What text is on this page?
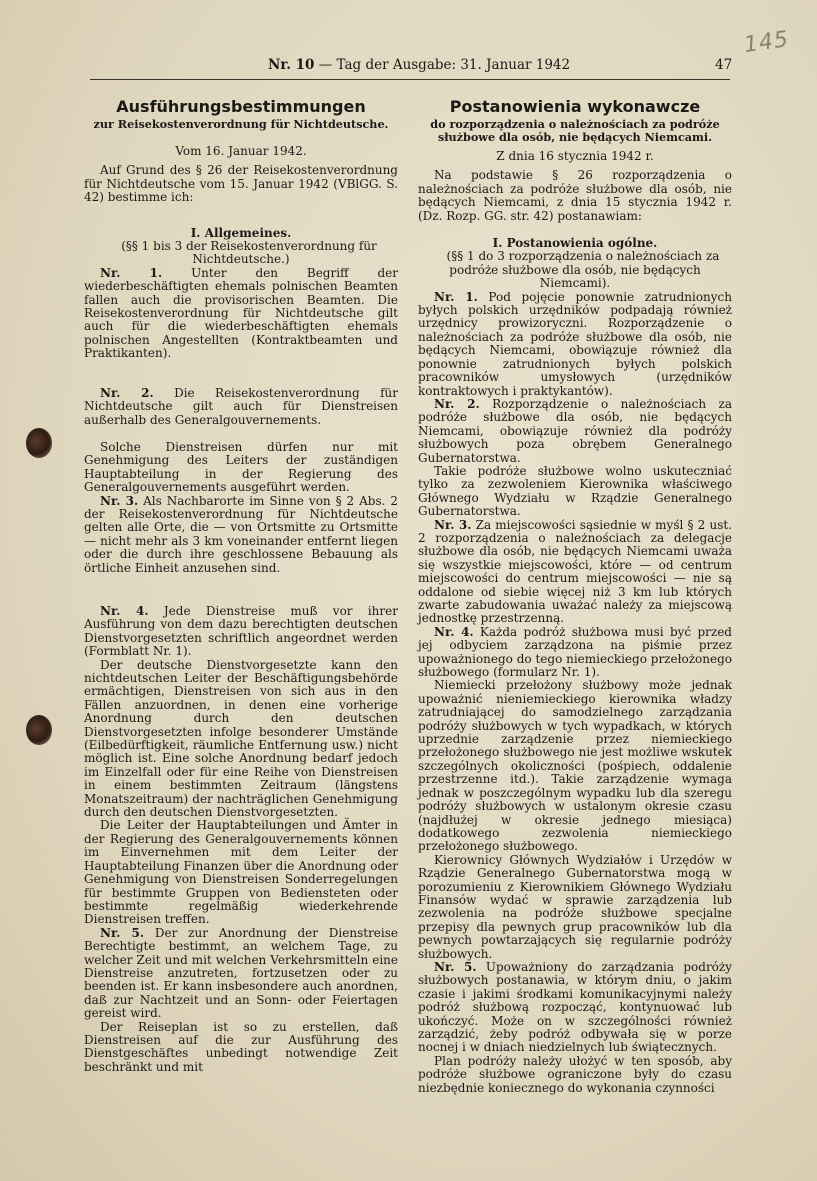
145
Nr. 10 — Tag der Ausgabe: 31. Januar 1942	47
Ausführungsbestimmungen
zur Reisekostenverordnung für Nichtdeutsche.
Vom 16. Januar 1942.

Auf Grund des § 26 der Reisekostenverordnung für Nichtdeutsche vom 15. Januar 1942 (VBlGG. S. 42) bestimme ich:

I. Allgemeines.

(§§ 1 bis 3 der Reisekostenverordnung für Nichtdeutsche.)

Nr. 1. Unter den Begriff der wiederbeschäftigten ehemals polnischen Beamten fallen auch die provisorischen Beamten. Die Reisekostenverordnung für Nichtdeutsche gilt auch für die wiederbeschäftigten ehemals polnischen Angestellten (Kontraktbeamten und Praktikanten).

Nr. 2. Die Reisekostenverordnung für Nichtdeutsche gilt auch für Dienstreisen außerhalb des Generalgouvernements.

Solche Dienstreisen dürfen nur mit Genehmigung des Leiters der zuständigen Hauptabteilung in der Regierung des Generalgouvernements ausgeführt werden.

Nr. 3. Als Nachbarorte im Sinne von § 2 Abs. 2 der Reisekostenverordnung für Nichtdeutsche gelten alle Orte, die — von Ortsmitte zu Ortsmitte — nicht mehr als 3 km voneinander entfernt liegen oder die durch ihre geschlossene Bebauung als örtliche Einheit anzusehen sind.

Nr. 4. Jede Dienstreise muß vor ihrer Ausführung von dem dazu berechtigten deutschen Dienstvorgesetzten schriftlich angeordnet werden (Formblatt Nr. 1).

Der deutsche Dienstvorgesetzte kann den nichtdeutschen Leiter der Beschäftigungsbehörde ermächtigen, Dienstreisen von sich aus in den Fällen anzuordnen, in denen eine vorherige Anordnung durch den deutschen Dienstvorgesetzten infolge besonderer Umstände (Eilbedürftigkeit, räumliche Entfernung usw.) nicht möglich ist. Eine solche Anordnung bedarf jedoch im Einzelfall oder für eine Reihe von Dienstreisen in einem bestimmten Zeitraum (längstens Monatszeitraum) der nachträglichen Genehmigung durch den deutschen Dienstvorgesetzten.

Die Leiter der Hauptabteilungen und Ämter in der Regierung des Generalgouvernements können im Einvernehmen mit dem Leiter der Hauptabteilung Finanzen über die Anordnung oder Genehmigung von Dienstreisen Sonderregelungen für bestimmte Gruppen von Bediensteten oder bestimmte regelmäßig wiederkehrende Dienstreisen treffen.

Nr. 5. Der zur Anordnung der Dienstreise Berechtigte bestimmt, an welchem Tage, zu welcher Zeit und mit welchen Verkehrsmitteln eine Dienstreise anzutreten, fortzusetzen oder zu beenden ist. Er kann insbesondere auch anordnen, daß zur Nachtzeit und an Sonn- oder Feiertagen gereist wird.

Der Reiseplan ist so zu erstellen, daß Dienstreisen auf die zur Ausführung des Dienstgeschäftes unbedingt notwendige Zeit beschränkt und mit

Postanowienia wykonawcze
do rozporządzenia o należnościach za podróże służbowe dla osób, nie będących Niemcami.
Z dnia 16 stycznia 1942 r.

Na podstawie § 26 rozporządzenia o należnościach za podróże służbowe dla osób, nie będących Niemcami, z dnia 15 stycznia 1942 r. (Dz. Rozp. GG. str. 42) postanawiam:

I. Postanowienia ogólne.

(§§ 1 do 3 rozporządzenia o należnościach za podróże służbowe dla osób, nie będących Niemcami).

Nr. 1. Pod pojęcie ponownie zatrudnionych byłych polskich urzędników podpadają również urzędnicy prowizoryczni. Rozporządzenie o należnościach za podróże służbowe dla osób, nie będących Niemcami, obowiązuje również dla ponownie zatrudnionych byłych polskich pracowników umysłowych (urzędników kontraktowych i praktykantów).

Nr. 2. Rozporządzenie o należnościach za podróże służbowe dla osób, nie będących Niemcami, obowiązuje również dla podróży służbowych poza obrębem Generalnego Gubernatorstwa.

Takie podróże służbowe wolno uskuteczniać tylko za zezwoleniem Kierownika właściwego Głównego Wydziału w Rządzie Generalnego Gubernatorstwa.

Nr. 3. Za miejscowości sąsiednie w myśl § 2 ust. 2 rozporządzenia o należnościach za delegacje służbowe dla osób, nie będących Niemcami uważa się wszystkie miejscowości, które — od centrum miejscowości do centrum miejscowości — nie są oddalone od siebie więcej niż 3 km lub których zwarte zabudowania uważać należy za miejscową jednostkę przestrzenną.

Nr. 4. Każda podróż służbowa musi być przed jej odbyciem zarządzona na piśmie przez upoważnionego do tego niemieckiego przełożonego służbowego (formularz Nr. 1).

Niemiecki przełożony służbowy może jednak upoważnić nieniemieckiego kierownika władzy zatrudniającej do samodzielnego zarządzania podróży służbowych w tych wypadkach, w których uprzednie zarządzenie przez niemieckiego przełożonego służbowego nie jest możliwe wskutek szczególnych okoliczności (pośpiech, oddalenie przestrzenne itd.). Takie zarządzenie wymaga jednak w poszczególnym wypadku lub dla szeregu podróży służbowych w ustalonym okresie czasu (najdłużej w okresie jednego miesiąca) dodatkowego zezwolenia niemieckiego przełożonego służbowego.

Kierownicy Głównych Wydziałów i Urzędów w Rządzie Generalnego Gubernatorstwa mogą w porozumieniu z Kierownikiem Głównego Wydziału Finansów wydać w sprawie zarządzenia lub zezwolenia na podróże służbowe specjalne przepisy dla pewnych grup pracowników lub dla pewnych powtarzających się regularnie podróży służbowych.

Nr. 5. Upoważniony do zarządzania podróży służbowych postanawia, w którym dniu, o jakim czasie i jakimi środkami komunikacyjnymi należy podróż służbową rozpocząć, kontynuować lub ukończyć. Może on w szczególności również zarządzić, żeby podróż odbywała się w porze nocnej i w dniach niedzielnych lub świątecznych.

Plan podróży należy ułożyć w ten sposób, aby podróże służbowe ograniczone były do czasu niezbędnie koniecznego do wykonania czynności
